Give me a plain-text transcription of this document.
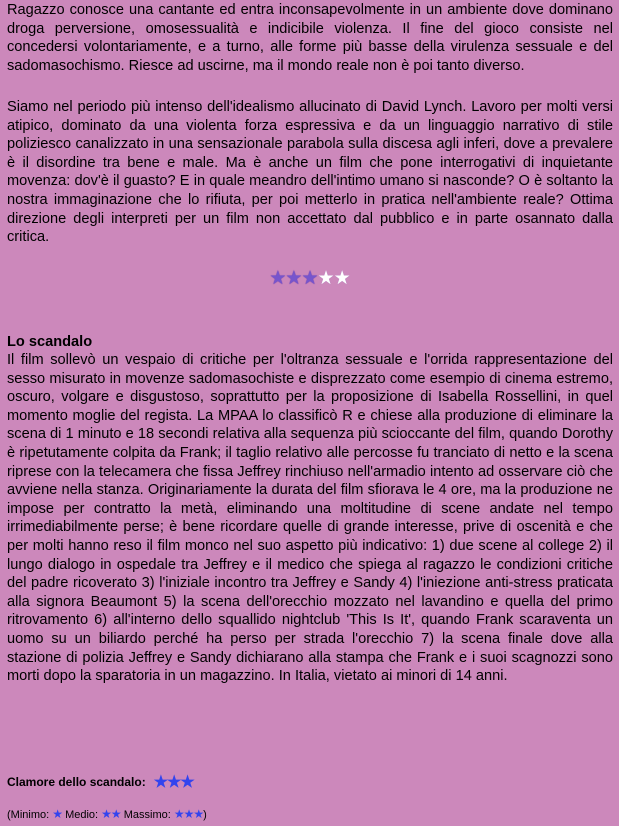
Ragazzo conosce una cantante ed entra inconsapevolmente in un ambiente dove dominano droga perversione, omosessualità e indicibile violenza. Il fine del gioco consiste nel concedersi volontariamente, e a turno, alle forme più basse della virulenza sessuale e del sadomasochismo. Riesce ad uscirne, ma il mondo reale non è poi tanto diverso.

Siamo nel periodo più intenso dell'idealismo allucinato di David Lynch. Lavoro per molti versi atipico, dominato da una violenta forza espressiva e da un linguaggio narrativo di stile poliziesco canalizzato in una sensazionale parabola sulla discesa agli inferi, dove a prevalere è il disordine tra bene e male. Ma è anche un film che pone interrogativi di inquietante movenza: dov'è il guasto? E in quale meandro dell'intimo umano si nasconde? O è soltanto la nostra immaginazione che lo rifiuta, per poi metterlo in pratica nell'ambiente reale? Ottima direzione degli interpreti per un film non accettato dal pubblico e in parte osannato dalla critica.

★★★★★
Lo scandalo

Il film sollevò un vespaio di critiche per l'oltranza sessuale e l'orrida rappresentazione del sesso misurato in movenze sadomasochiste e disprezzato come esempio di cinema estremo, oscuro, volgare e disgustoso, soprattutto per la proposizione di Isabella Rossellini, in quel momento moglie del regista. La MPAA lo classificò R e chiese alla produzione di eliminare la scena di 1 minuto e 18 secondi relativa alla sequenza più scioccante del film, quando Dorothy è ripetutamente colpita da Frank; il taglio relativo alle percosse fu tranciato di netto e la scena riprese con la telecamera che fissa Jeffrey rinchiuso nell'armadio intento ad osservare ciò che avviene nella stanza. Originariamente la durata del film sfiorava le 4 ore, ma la produzione ne impose per contratto la metà, eliminando una moltitudine di scene andate nel tempo irrimediabilmente perse; è bene ricordare quelle di grande interesse, prive di oscenità e che per molti hanno reso il film monco nel suo aspetto più indicativo: 1) due scene al college 2) il lungo dialogo in ospedale tra Jeffrey e il medico che spiega al ragazzo le condizioni critiche del padre ricoverato 3) l'iniziale incontro tra Jeffrey e Sandy 4) l'iniezione anti-stress praticata alla signora Beaumont 5) la scena dell'orecchio mozzato nel lavandino e quella del primo ritrovamento 6) all'interno dello squallido nightclub 'This Is It', quando Frank scaraventa un uomo su un biliardo perché ha perso per strada l'orecchio 7) la scena finale dove alla stazione di polizia Jeffrey e Sandy dichiarano alla stampa che Frank e i suoi scagnozzi sono morti dopo la sparatoria in un magazzino. In Italia, vietato ai minori di 14 anni.

Clamore dello scandalo: ★★★
(Minimo: ★ Medio: ★★ Massimo: ★★★)
